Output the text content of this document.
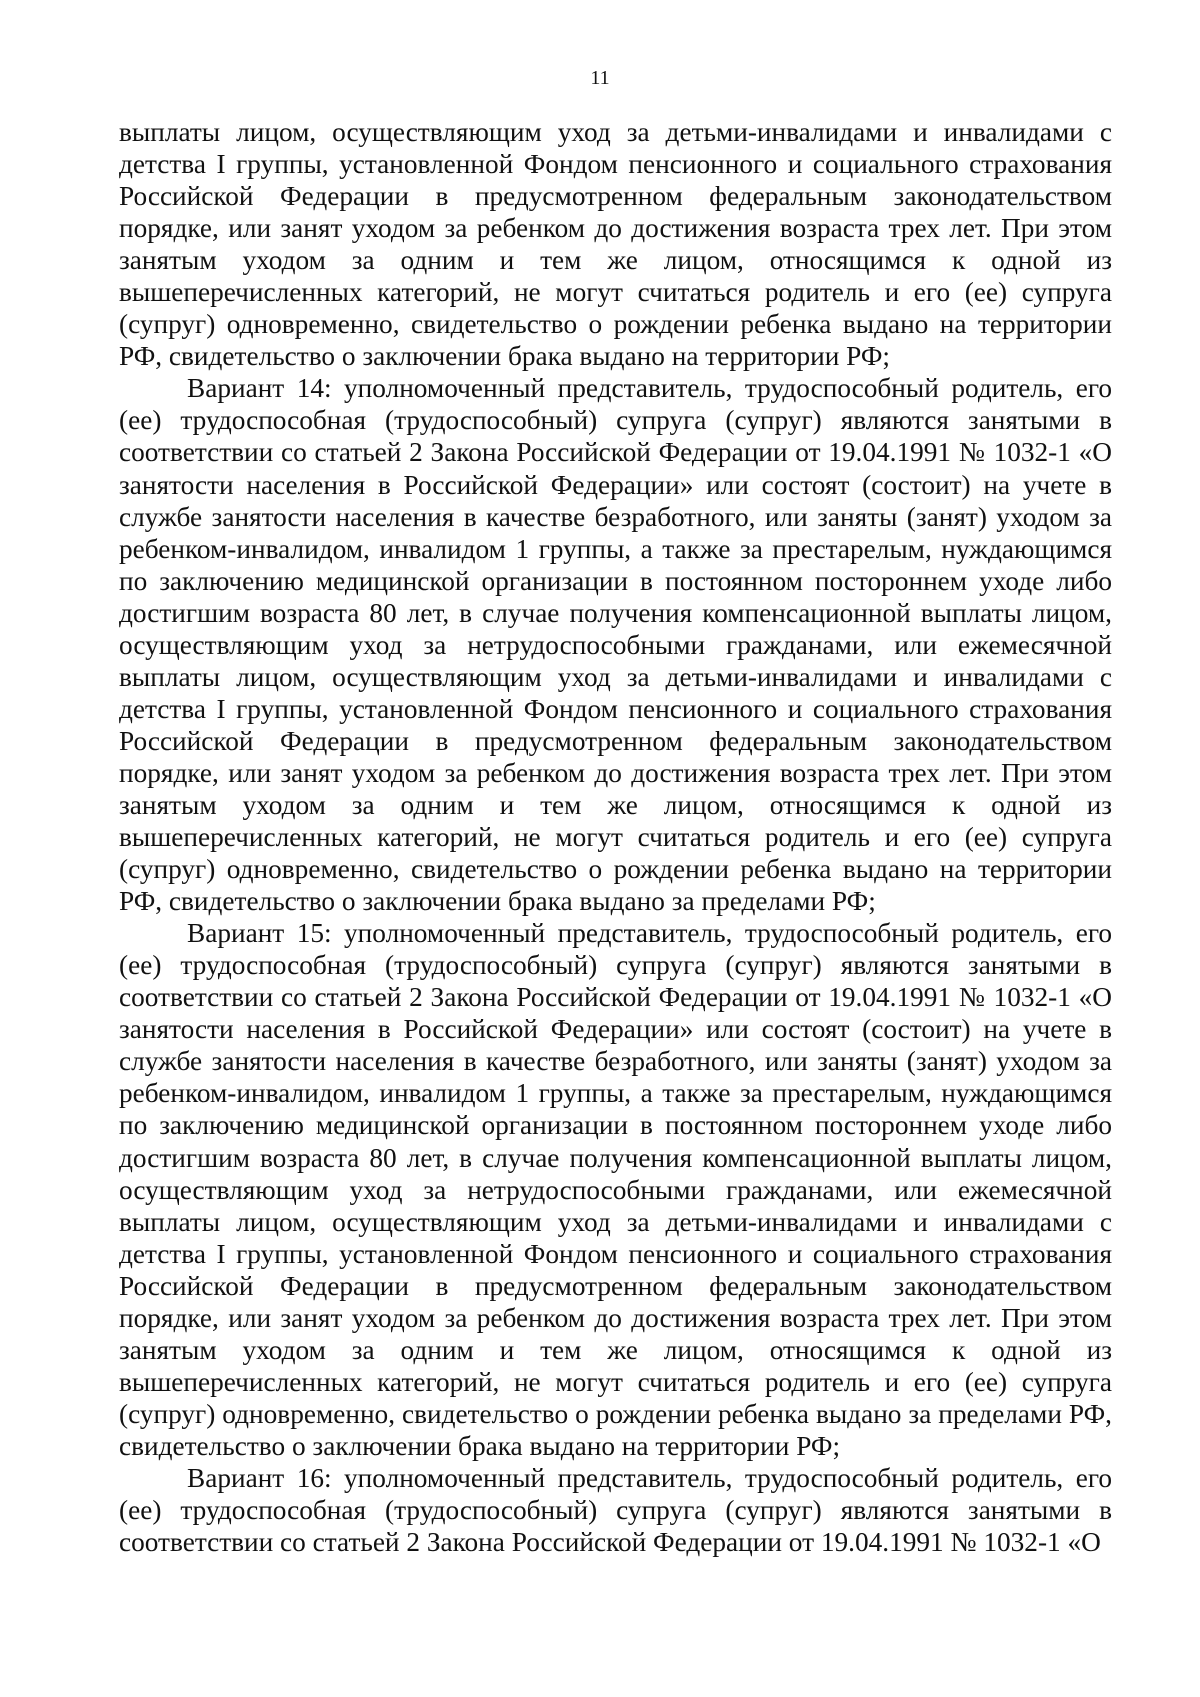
11

выплаты лицом, осуществляющим уход за детьми-инвалидами и инвалидами с детства I группы, установленной Фондом пенсионного и социального страхования Российской Федерации в предусмотренном федеральным законодательством порядке, или занят уходом за ребенком до достижения возраста трех лет. При этом занятым уходом за одним и тем же лицом, относящимся к одной из вышеперечисленных категорий, не могут считаться родитель и его (ее) супруга (супруг) одновременно, свидетельство о рождении ребенка выдано на территории РФ, свидетельство о заключении брака выдано на территории РФ;

Вариант 14: уполномоченный представитель, трудоспособный родитель, его (ее) трудоспособная (трудоспособный) супруга (супруг) являются занятыми в соответствии со статьей 2 Закона Российской Федерации от 19.04.1991 № 1032-1 «О занятости населения в Российской Федерации» или состоят (состоит) на учете в службе занятости населения в качестве безработного, или заняты (занят) уходом за ребенком-инвалидом, инвалидом 1 группы, а также за престарелым, нуждающимся по заключению медицинской организации в постоянном постороннем уходе либо достигшим возраста 80 лет, в случае получения компенсационной выплаты лицом, осуществляющим уход за нетрудоспособными гражданами, или ежемесячной выплаты лицом, осуществляющим уход за детьми-инвалидами и инвалидами с детства I группы, установленной Фондом пенсионного и социального страхования Российской Федерации в предусмотренном федеральным законодательством порядке, или занят уходом за ребенком до достижения возраста трех лет. При этом занятым уходом за одним и тем же лицом, относящимся к одной из вышеперечисленных категорий, не могут считаться родитель и его (ее) супруга (супруг) одновременно, свидетельство о рождении ребенка выдано на территории РФ, свидетельство о заключении брака выдано за пределами РФ;

Вариант 15: уполномоченный представитель, трудоспособный родитель, его (ее) трудоспособная (трудоспособный) супруга (супруг) являются занятыми в соответствии со статьей 2 Закона Российской Федерации от 19.04.1991 № 1032-1 «О занятости населения в Российской Федерации» или состоят (состоит) на учете в службе занятости населения в качестве безработного, или заняты (занят) уходом за ребенком-инвалидом, инвалидом 1 группы, а также за престарелым, нуждающимся по заключению медицинской организации в постоянном постороннем уходе либо достигшим возраста 80 лет, в случае получения компенсационной выплаты лицом, осуществляющим уход за нетрудоспособными гражданами, или ежемесячной выплаты лицом, осуществляющим уход за детьми-инвалидами и инвалидами с детства I группы, установленной Фондом пенсионного и социального страхования Российской Федерации в предусмотренном федеральным законодательством порядке, или занят уходом за ребенком до достижения возраста трех лет. При этом занятым уходом за одним и тем же лицом, относящимся к одной из вышеперечисленных категорий, не могут считаться родитель и его (ее) супруга (супруг) одновременно, свидетельство о рождении ребенка выдано за пределами РФ, свидетельство о заключении брака выдано на территории РФ;

Вариант 16: уполномоченный представитель, трудоспособный родитель, его (ее) трудоспособная (трудоспособный) супруга (супруг) являются занятыми в соответствии со статьей 2 Закона Российской Федерации от 19.04.1991 № 1032-1 «О
